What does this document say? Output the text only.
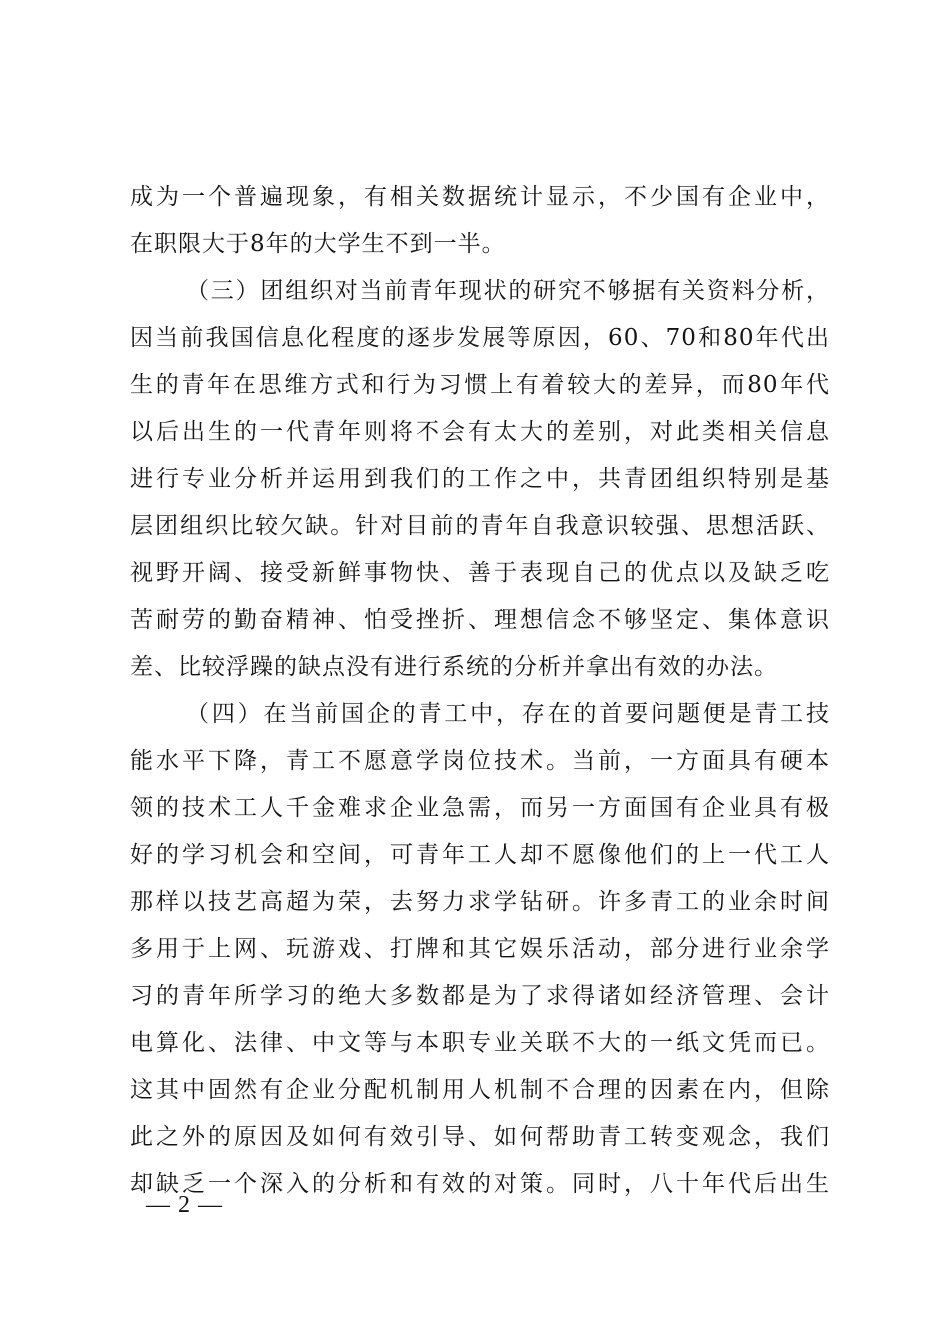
成为一个普遍现象，有相关数据统计显示，不少国有企业中，
在职限大于8年的大学生不到一半。
（三）团组织对当前青年现状的研究不够据有关资料分析，
因当前我国信息化程度的逐步发展等原因，60、70和80年代出
生的青年在思维方式和行为习惯上有着较大的差异，而80年代
以后出生的一代青年则将不会有太大的差别，对此类相关信息
进行专业分析并运用到我们的工作之中，共青团组织特别是基
层团组织比较欠缺。针对目前的青年自我意识较强、思想活跃、
视野开阔、接受新鲜事物快、善于表现自己的优点以及缺乏吃
苦耐劳的勤奋精神、怕受挫折、理想信念不够坚定、集体意识
差、比较浮躁的缺点没有进行系统的分析并拿出有效的办法。
（四）在当前国企的青工中，存在的首要问题便是青工技
能水平下降，青工不愿意学岗位技术。当前，一方面具有硬本
领的技术工人千金难求企业急需，而另一方面国有企业具有极
好的学习机会和空间，可青年工人却不愿像他们的上一代工人
那样以技艺高超为荣，去努力求学钻研。许多青工的业余时间
多用于上网、玩游戏、打牌和其它娱乐活动，部分进行业余学
习的青年所学习的绝大多数都是为了求得诸如经济管理、会计
电算化、法律、中文等与本职专业关联不大的一纸文凭而已。
这其中固然有企业分配机制用人机制不合理的因素在内，但除
此之外的原因及如何有效引导、如何帮助青工转变观念，我们
却缺乏一个深入的分析和有效的对策。同时，八十年代后出生
— 2 —
